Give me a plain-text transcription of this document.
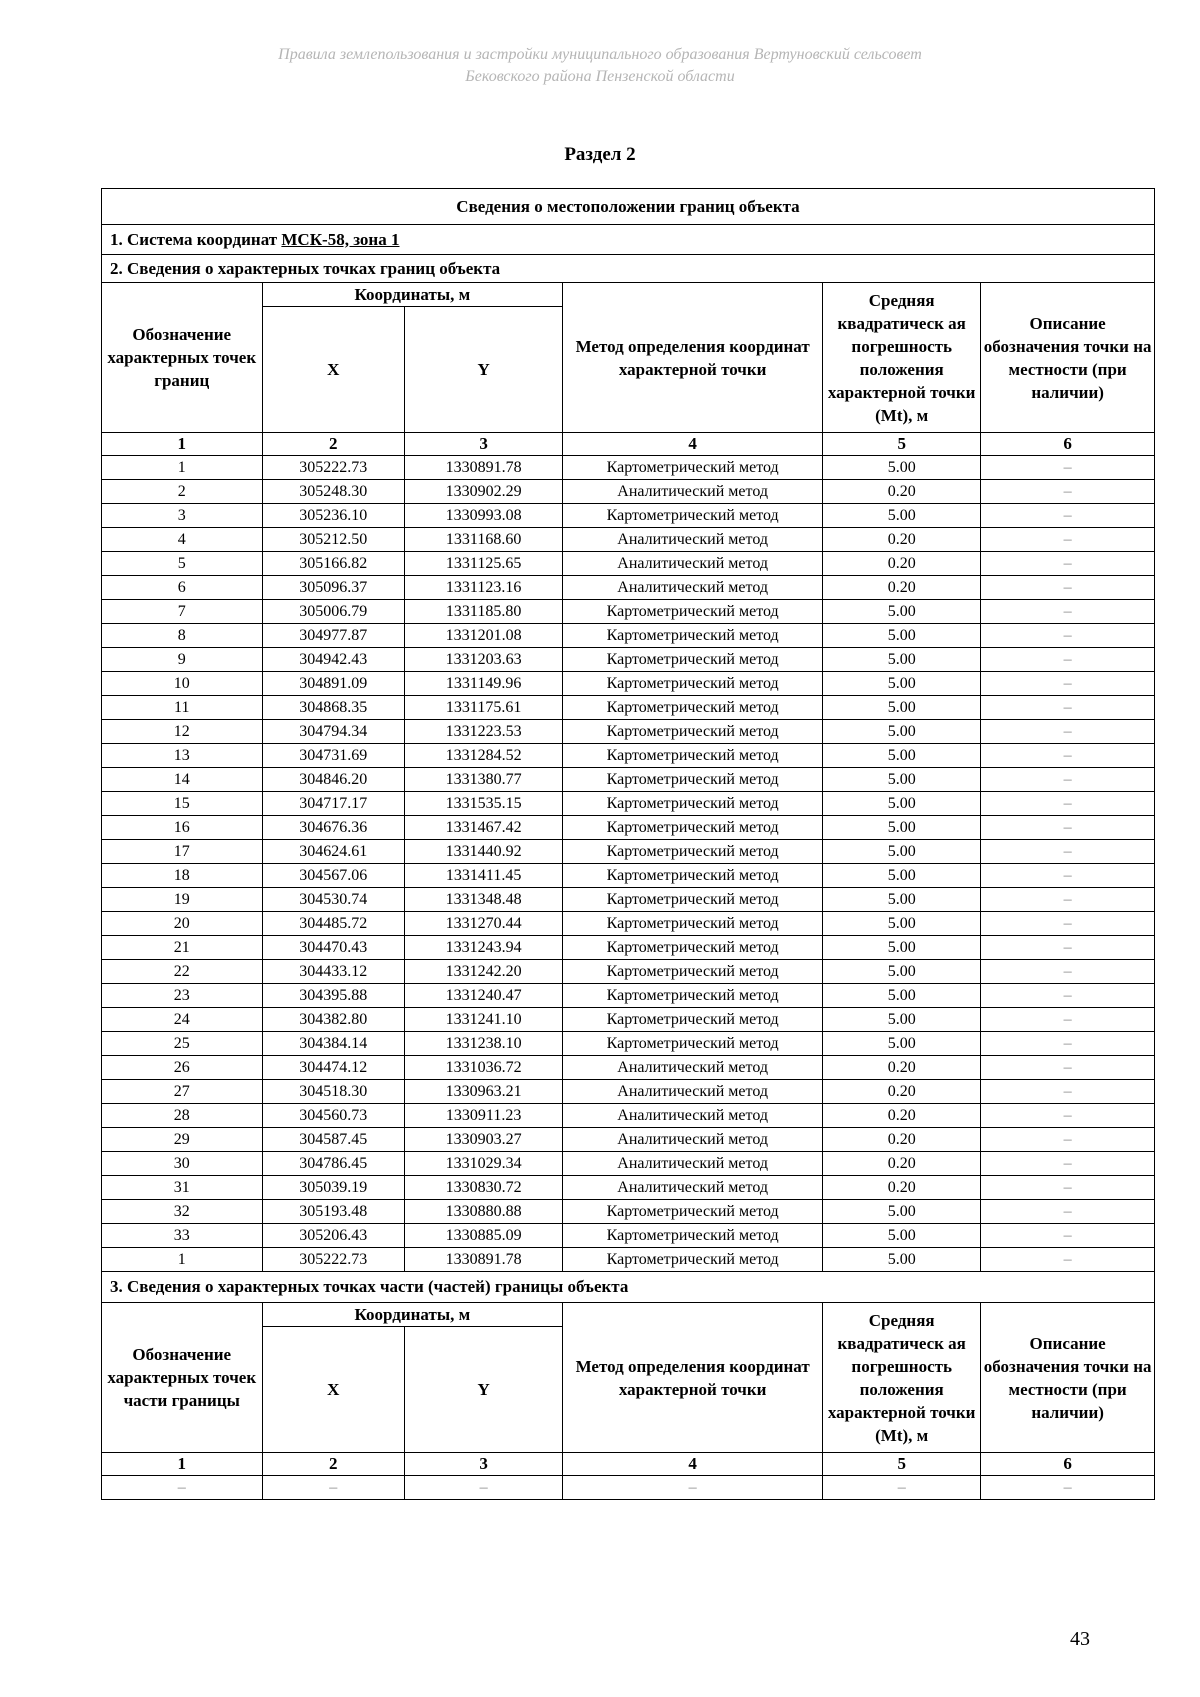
Правила землепользования и застройки муниципального образования Вертуновский сельсовет
Бековского района Пензенской области
Раздел 2
Сведения о местоположении границ объекта					
1. Система координат МСК-58, зона 1					
2. Сведения о характерных точках границ объекта					
Обозначение характерных точек границ	Координаты, м		Метод определения координат характерной точки	Средняя квадратическ ая погрешность положения характерной точки (Mt), м	Описание обозначения точки на местности (при наличии)
	X	Y			
1	2	3	4	5	6
1	305222.73	1330891.78	Картометрический метод	5.00	–
2	305248.30	1330902.29	Аналитический метод	0.20	–
3	305236.10	1330993.08	Картометрический метод	5.00	–
4	305212.50	1331168.60	Аналитический метод	0.20	–
5	305166.82	1331125.65	Аналитический метод	0.20	–
6	305096.37	1331123.16	Аналитический метод	0.20	–
7	305006.79	1331185.80	Картометрический метод	5.00	–
8	304977.87	1331201.08	Картометрический метод	5.00	–
9	304942.43	1331203.63	Картометрический метод	5.00	–
10	304891.09	1331149.96	Картометрический метод	5.00	–
11	304868.35	1331175.61	Картометрический метод	5.00	–
12	304794.34	1331223.53	Картометрический метод	5.00	–
13	304731.69	1331284.52	Картометрический метод	5.00	–
14	304846.20	1331380.77	Картометрический метод	5.00	–
15	304717.17	1331535.15	Картометрический метод	5.00	–
16	304676.36	1331467.42	Картометрический метод	5.00	–
17	304624.61	1331440.92	Картометрический метод	5.00	–
18	304567.06	1331411.45	Картометрический метод	5.00	–
19	304530.74	1331348.48	Картометрический метод	5.00	–
20	304485.72	1331270.44	Картометрический метод	5.00	–
21	304470.43	1331243.94	Картометрический метод	5.00	–
22	304433.12	1331242.20	Картометрический метод	5.00	–
23	304395.88	1331240.47	Картометрический метод	5.00	–
24	304382.80	1331241.10	Картометрический метод	5.00	–
25	304384.14	1331238.10	Картометрический метод	5.00	–
26	304474.12	1331036.72	Аналитический метод	0.20	–
27	304518.30	1330963.21	Аналитический метод	0.20	–
28	304560.73	1330911.23	Аналитический метод	0.20	–
29	304587.45	1330903.27	Аналитический метод	0.20	–
30	304786.45	1331029.34	Аналитический метод	0.20	–
31	305039.19	1330830.72	Аналитический метод	0.20	–
32	305193.48	1330880.88	Картометрический метод	5.00	–
33	305206.43	1330885.09	Картометрический метод	5.00	–
1	305222.73	1330891.78	Картометрический метод	5.00	–
3. Сведения о характерных точках части (частей) границы объекта					
Обозначение характерных точек части границы	Координаты, м		Метод определения координат характерной точки	Средняя квадратическ ая погрешность положения характерной точки (Mt), м	Описание обозначения точки на местности (при наличии)
	X	Y			
1	2	3	4	5	6
–	–	–	–	–	–
43
